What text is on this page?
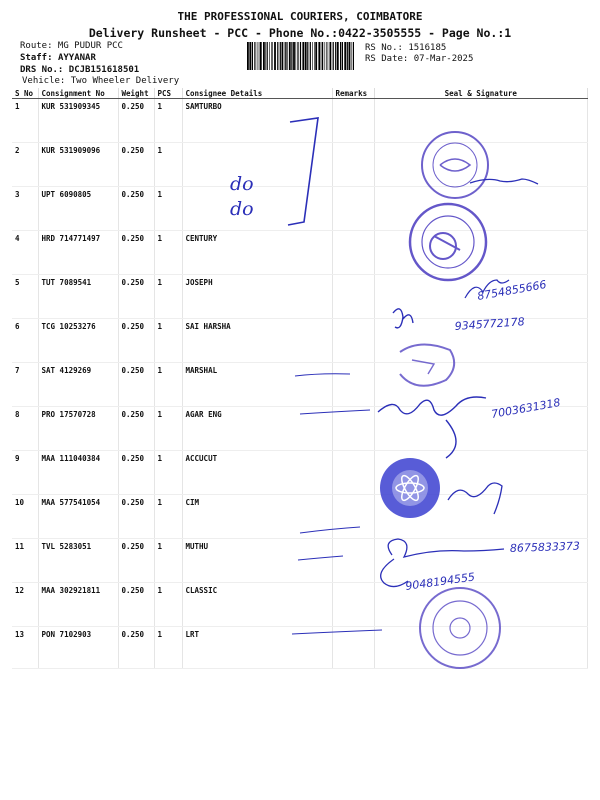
THE PROFESSIONAL COURIERS, COIMBATORE
Delivery Runsheet - PCC - Phone No.:0422-3505555 - Page No.:1
Route: MG PUDUR PCC
Staff: AYYANAR
DRS No.: DCJB151618501
Vehicle: Two Wheeler Delivery
RS No.: 1516185
RS Date: 07-Mar-2025
S No	Consignment No	Weight	PCS	Consignee Details	Remarks	Seal & Signature
1	KUR 531909345	0.250	1	SAMTURBO		
2	KUR 531909096	0.250	1			
3	UPT 6090805	0.250	1			
4	HRD 714771497	0.250	1	CENTURY		
5	TUT 7089541	0.250	1	JOSEPH		
6	TCG 10253276	0.250	1	SAI HARSHA		
7	SAT 4129269	0.250	1	MARSHAL		
8	PRO 17570728	0.250	1	AGAR ENG		
9	MAA 111040384	0.250	1	ACCUCUT		
10	MAA 577541054	0.250	1	CIM		
11	TVL 5283051	0.250	1	MUTHU		
12	MAA 302921811	0.250	1	CLASSIC		
13	PON 7102903	0.250	1	LRT		
do
do
8754855666
9345772178
7003631318
8675833373
9048194555
